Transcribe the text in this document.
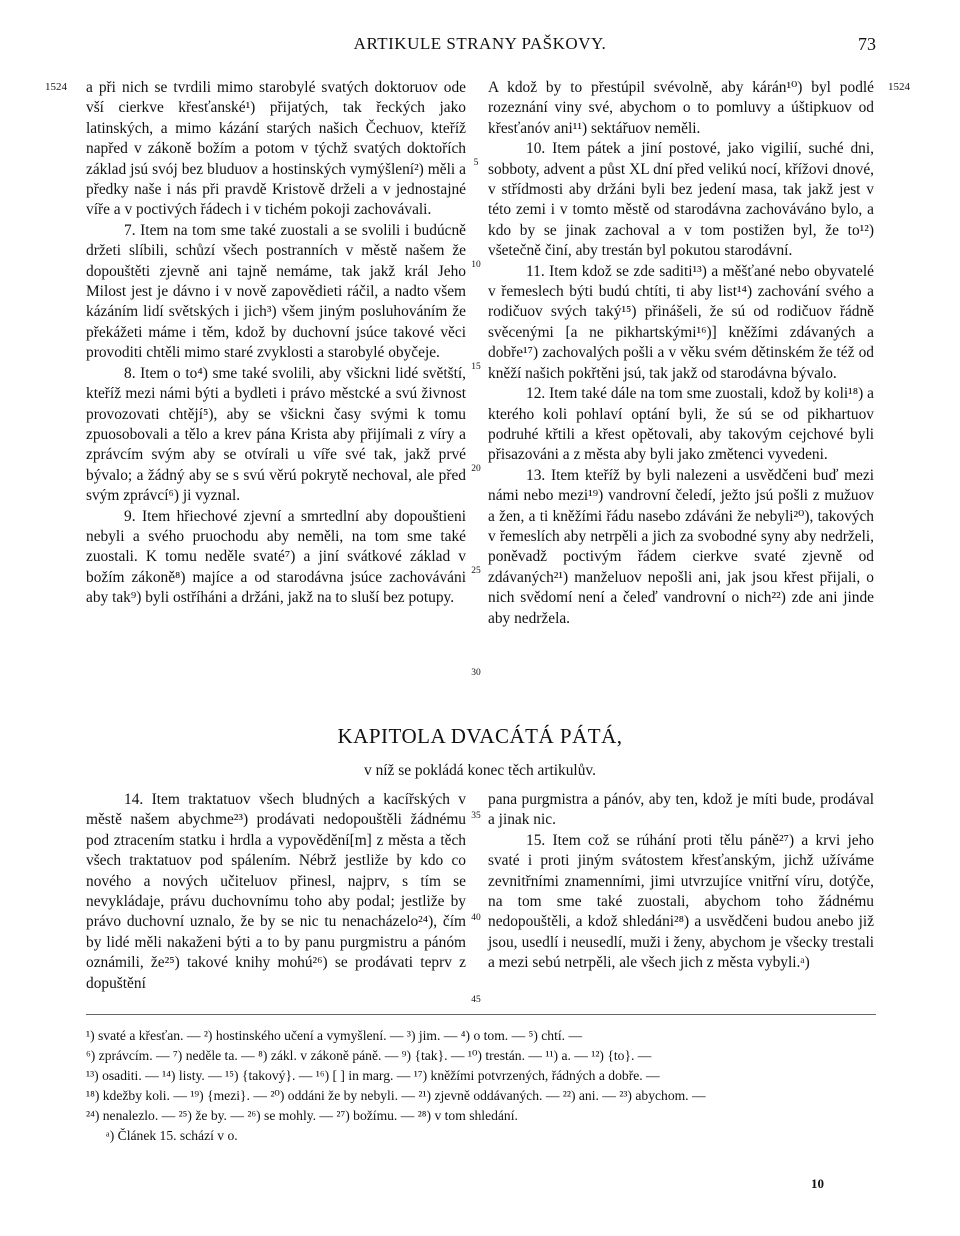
ARTIKULE STRANY PAŠKOVY.	73
1524	1524
5
10
15
20
25
30
35
40
45

a při nich se tvrdili mimo starobylé svatých doktoruov ode vší cierkve křesťanské¹) přijatých, tak řeckých jako latinských, a mimo kázání starých našich Čechuov, kteříž napřed v zákoně božím a potom v týchž svatých doktořích základ jsú svój bez bluduov a hostinských vymýšlení²) měli a předky naše i nás při pravdě Kristově drželi a v jednostajné víře a v poctivých řádech i v tichém pokoji zachovávali.

7. Item na tom sme také zuostali a se svolili i budúcně držeti slíbili, schůzí všech postranních v městě našem že dopouštěti zjevně ani tajně nemáme, tak jakž král Jeho Milost jest je dávno i v nově zapovědieti ráčil, a nadto všem kázáním lidí světských i jich³) všem jiným posluhováním že překážeti máme i těm, kdož by duchovní jsúce takové věci provoditi chtěli mimo staré zvyklosti a starobylé obyčeje.

8. Item o to⁴) sme také svolili, aby všickni lidé světští, kteříž mezi námi býti a bydleti i právo městcké a svú živnost provozovati chtějí⁵), aby se všickni časy svými k tomu zpuosobovali a tělo a krev pána Krista aby přijímali z víry a zprávcím svým aby se otvírali u víře své tak, jakž prvé bývalo; a žádný aby se s svú věrú pokrytě nechoval, ale před svým zprávcí⁶) ji vyznal.

9. Item hřiechové zjevní a smrtedlní aby dopouštieni nebyli a svého pruochodu aby neměli, na tom sme také zuostali. K tomu neděle svaté⁷) a jiní svátkové základ v božím zákoně⁸) majíce a od starodávna jsúce zachováváni aby tak⁹) byli ostříháni a držáni, jakž na to sluší bez potupy.

A kdož by to přestúpil svévolně, aby kárán¹⁰) byl podlé rozeznání viny své, abychom o to pomluvy a úštipkuov od křesťanóv ani¹¹) sektářuov neměli.

10. Item pátek a jiní postové, jako vigilií, suché dni, sobboty, advent a půst XL dní před velikú nocí, křížovi dnové, v střídmosti aby držáni byli bez jedení masa, tak jakž jest v této zemi i v tomto městě od starodávna zachováváno bylo, a kdo by se jinak zachoval a v tom postižen byl, že to¹²) všetečně činí, aby trestán byl pokutou starodávní.

11. Item kdož se zde saditi¹³) a měšťané nebo obyvatelé v řemeslech býti budú chtíti, ti aby list¹⁴) zachování svého a rodičuov svých taký¹⁵) přinášeli, že sú od rodičuov řádně svěcenými [a ne pikhartskými¹⁶)] kněžími zdávaných a dobře¹⁷) zachovalých pošli a v věku svém dětinském že též od kněží našich pokřtěni jsú, tak jakž od starodávna bývalo.

12. Item také dále na tom sme zuostali, kdož by koli¹⁸) a kterého koli pohlaví optání byli, že sú se od pikhartuov podruhé křtili a křest opětovali, aby takovým cejchové byli přisazováni a z města aby byli jako změtenci vyvedeni.

13. Item kteříž by byli nalezeni a usvědčeni buď mezi námi nebo mezi¹⁹) vandrovní čeledí, ježto jsú pošli z mužuov a žen, a ti kněžími řádu nasebo zdáváni že nebyli²⁰), takových v řemeslích aby netrpěli a jich za svobodné syny aby nedrželi, poněvadž poctivým řádem cierkve svaté zjevně od zdávaných²¹) manželuov nepošli ani, jak jsou křest přijali, o nich svědomí není a čeleď vandrovní o nich²²) zde ani jinde aby nedržela.

KAPITOLA DVACÁTÁ PÁTÁ,
v níž se pokládá konec těch artikulův.

14. Item traktatuov všech bludných a kacířských v městě našem abychme²³) prodávati nedopouštěli žádnému pod ztracením statku i hrdla a vypovědění[m] z města a těch všech traktatuov pod spálením. Nébrž jestliže by kdo co nového a nových učiteluov přinesl, najprv, s tím se nevykládaje, právu duchovnímu toho aby podal; jestliže by právo duchovní uznalo, že by se nic tu nenacházelo²⁴), čím by lidé měli nakaženi býti a to by panu purgmistru a pánóm oznámili, že²⁵) takové knihy mohú²⁶) se prodávati teprv z dopuštění

pana purgmistra a pánóv, aby ten, kdož je míti bude, prodával a jinak nic.

15. Item což se rúhání proti tělu páně²⁷) a krvi jeho svaté i proti jiným svátostem křesťanským, jichž užíváme zevnitřními znamenními, jimi utvrzujíce vnitřní víru, dotýče, na tom sme také zuostali, abychom toho žádnému nedopouštěli, a kdož shledáni²⁸) a usvědčeni budou anebo již jsou, usedlí i neusedlí, muži i ženy, abychom je všecky trestali a mezi sebú netrpěli, ale všech jich z města vybyli.ᵃ)

¹) svaté a křesťan. — ²) hostinského učení a vymyšlení. — ³) jim. — ⁴) o tom. — ⁵) chtí. —

⁶) zprávcím. — ⁷) neděle ta. — ⁸) zákl. v zákoně páně. — ⁹) {tak}. — ¹⁰) trestán. — ¹¹) a. — ¹²) {to}. —

¹³) osaditi. — ¹⁴) listy. — ¹⁵) {takový}. — ¹⁶) [ ] in marg. — ¹⁷) kněžími potvrzených, řádných a dobře. —

¹⁸) kdežby koli. — ¹⁹) {mezi}. — ²⁰) oddáni že by nebyli. — ²¹) zjevně oddávaných. — ²²) ani. — ²³) abychom. —

²⁴) nenalezlo. — ²⁵) že by. — ²⁶) se mohly. — ²⁷) božímu. — ²⁸) v tom shledání.

ᵃ) Článek 15. schází v o.

10
